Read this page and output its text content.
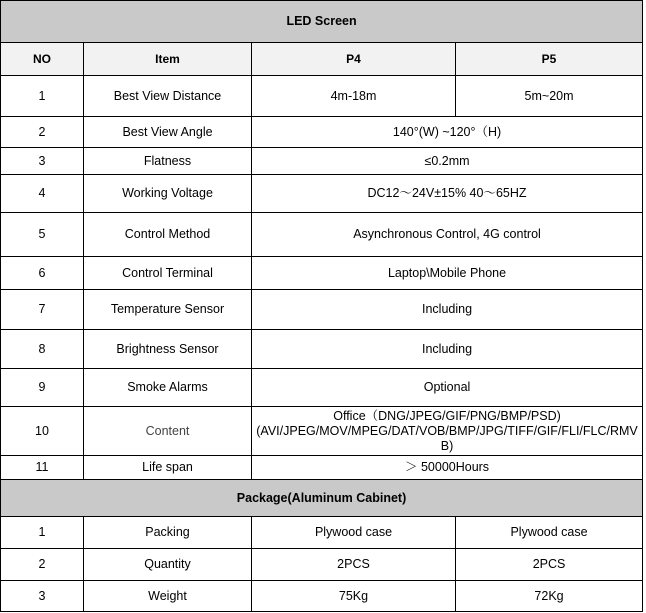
LED Screen			
NO	Item	P4	P5
1	Best View Distance	4m-18m	5m~20m
2	Best View Angle	140°(W) ~120°（H)	
3	Flatness	≤0.2mm	
4	Working Voltage	DC12～24V±15% 40～65HZ	
5	Control Method	Asynchronous Control, 4G control	
6	Control Terminal	Laptop\Mobile Phone	
7	Temperature Sensor	Including	
8	Brightness Sensor	Including	
9	Smoke Alarms	Optional	
10	Content	Office（DNG/JPEG/GIF/PNG/BMP/PSD)
(AVI/JPEG/MOV/MPEG/DAT/VOB/BMP/JPG/TIFF/GIF/FLI/FLC/RMVB)	

11	Life span	＞ 50000Hours	
Package(Aluminum Cabinet)			
1	Packing	Plywood case	Plywood case
2	Quantity	2PCS	2PCS
3	Weight	75Kg	72Kg
